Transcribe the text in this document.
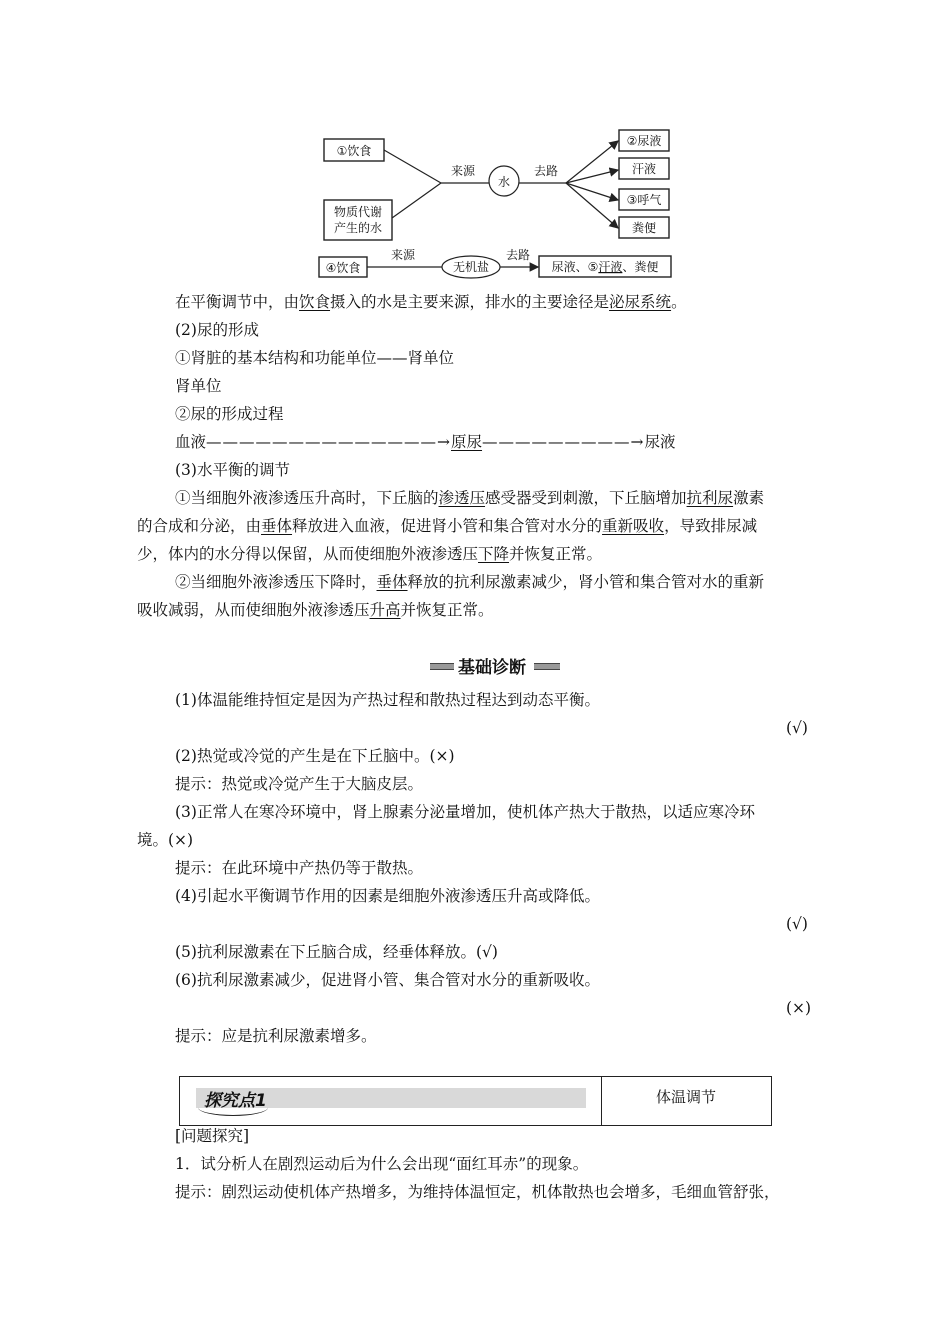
①饮食
物质代谢
产生的水
来源
水
去路
②尿液
汗液
③呼气
粪便
④饮食
来源
无机盐
去路
尿液、⑤汗液、粪便
在平衡调节中，由饮食摄入的水是主要来源，排水的主要途径是泌尿系统。
(2)尿的形成
①肾脏的基本结构和功能单位——肾单位
肾单位
②尿的形成过程
血液——————————————→原尿—————————→尿液
(3)水平衡的调节
①当细胞外液渗透压升高时，下丘脑的渗透压感受器受到刺激，下丘脑增加抗利尿激素
的合成和分泌，由垂体释放进入血液，促进肾小管和集合管对水分的重新吸收，导致排尿减
少，体内的水分得以保留，从而使细胞外液渗透压下降并恢复正常。
②当细胞外液渗透压下降时，垂体释放的抗利尿激素减少，肾小管和集合管对水的重新
吸收减弱，从而使细胞外液渗透压升高并恢复正常。
基础诊断
(1)体温能维持恒定是因为产热过程和散热过程达到动态平衡。
(√)
(2)热觉或冷觉的产生是在下丘脑中。(×)
提示：热觉或冷觉产生于大脑皮层。
(3)正常人在寒冷环境中，肾上腺素分泌量增加，使机体产热大于散热，以适应寒冷环
境。(×)
提示：在此环境中产热仍等于散热。
(4)引起水平衡调节作用的因素是细胞外液渗透压升高或降低。
(√)
(5)抗利尿激素在下丘脑合成，经垂体释放。(√)
(6)抗利尿激素减少，促进肾小管、集合管对水分的重新吸收。
(×)
提示：应是抗利尿激素增多。
探究点1	体温调节
[问题探究]
1．试分析人在剧烈运动后为什么会出现“面红耳赤”的现象。
提示：剧烈运动使机体产热增多，为维持体温恒定，机体散热也会增多，毛细血管舒张，
